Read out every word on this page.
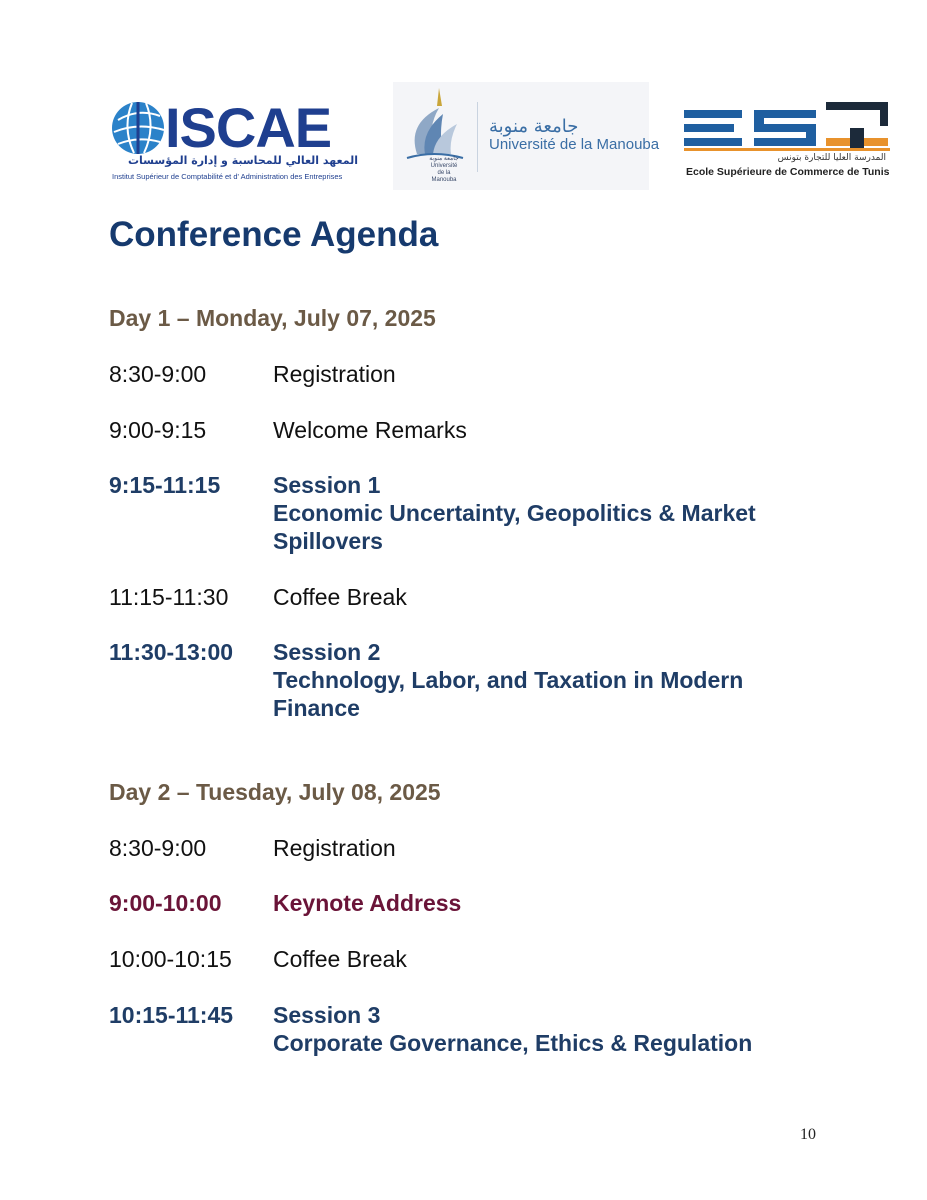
ISCAE
المعهد العالي للمحاسبة و إدارة المؤسسات
Institut Supérieur de Comptabilité et d' Administration des Entreprises
جامعة منوبة Université de la Manouba
جامعة منوبة
Université de la Manouba
المدرسة العليا للتجارة بتونس
Ecole Supérieure de Commerce de Tunis
Conference Agenda
Day 1 – Monday, July 07, 2025
8:30-9:00	Registration
9:00-9:15	Welcome Remarks
9:15-11:15	Session 1
Economic Uncertainty, Geopolitics & Market
Spillovers
11:15-11:30	Coffee Break
11:30-13:00	Session 2
Technology, Labor, and Taxation in Modern
Finance
Day 2 – Tuesday, July 08, 2025
8:30-9:00	Registration
9:00-10:00	Keynote Address
10:00-10:15	Coffee Break
10:15-11:45	Session 3
Corporate Governance, Ethics & Regulation
10
